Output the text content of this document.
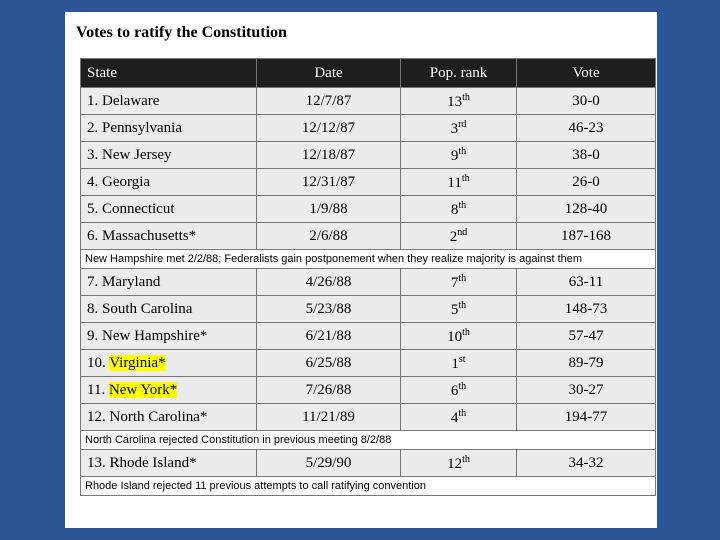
Votes to ratify the Constitution
State	Date	Pop. rank	Vote
1. Delaware	12/7/87	13th	30-0
2. Pennsylvania	12/12/87	3rd	46-23
3. New Jersey	12/18/87	9th	38-0
4. Georgia	12/31/87	11th	26-0
5. Connecticut	1/9/88	8th	128-40
6. Massachusetts*	2/6/88	2nd	187-168
New Hampshire met 2/2/88; Federalists gain postponement when they realize majority is against them			
7. Maryland	4/26/88	7th	63-11
8. South Carolina	5/23/88	5th	148-73
9. New Hampshire*	6/21/88	10th	57-47
10. Virginia*	6/25/88	1st	89-79
11. New York*	7/26/88	6th	30-27
12. North Carolina*	11/21/89	4th	194-77
North Carolina rejected Constitution in previous meeting 8/2/88			
13. Rhode Island*	5/29/90	12th	34-32
Rhode Island rejected 11 previous attempts to call ratifying convention			
*States where preliminary vote count appeared to oppose ratification or be evenly balanced for and against
